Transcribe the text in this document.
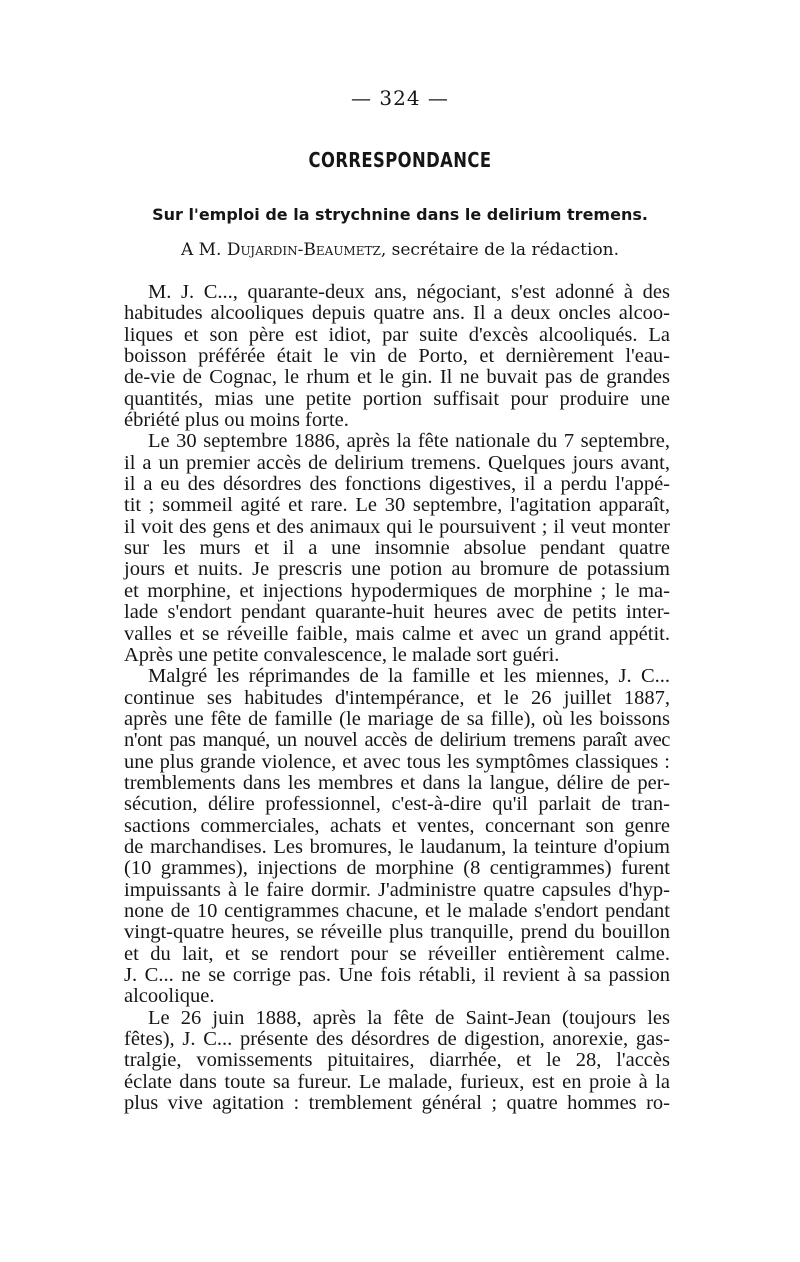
— 324 —
CORRESPONDANCE
Sur l'emploi de la strychnine dans le delirium tremens.
A M. Dujardin-Beaumetz, secrétaire de la rédaction.
M. J. C..., quarante-deux ans, négociant, s'est adonné à des
habitudes alcooliques depuis quatre ans. Il a deux oncles alcoo-
liques et son père est idiot, par suite d'excès alcooliqués. La
boisson préférée était le vin de Porto, et dernièrement l'eau-
de-vie de Cognac, le rhum et le gin. Il ne buvait pas de grandes
quantités, mias une petite portion suffisait pour produire une
ébriété plus ou moins forte.
Le 30 septembre 1886, après la fête nationale du 7 septembre,
il a un premier accès de delirium tremens. Quelques jours avant,
il a eu des désordres des fonctions digestives, il a perdu l'appé-
tit ; sommeil agité et rare. Le 30 septembre, l'agitation apparaît,
il voit des gens et des animaux qui le poursuivent ; il veut monter
sur les murs et il a une insomnie absolue pendant quatre
jours et nuits. Je prescris une potion au bromure de potassium
et morphine, et injections hypodermiques de morphine ; le ma-
lade s'endort pendant quarante-huit heures avec de petits inter-
valles et se réveille faible, mais calme et avec un grand appétit.
Après une petite convalescence, le malade sort guéri.
Malgré les réprimandes de la famille et les miennes, J. C...
continue ses habitudes d'intempérance, et le 26 juillet 1887,
après une fête de famille (le mariage de sa fille), où les boissons
n'ont pas manqué, un nouvel accès de delirium tremens paraît avec
une plus grande violence, et avec tous les symptômes classiques :
tremblements dans les membres et dans la langue, délire de per-
sécution, délire professionnel, c'est-à-dire qu'il parlait de tran-
sactions commerciales, achats et ventes, concernant son genre
de marchandises. Les bromures, le laudanum, la teinture d'opium
(10 grammes), injections de morphine (8 centigrammes) furent
impuissants à le faire dormir. J'administre quatre capsules d'hyp-
none de 10 centigrammes chacune, et le malade s'endort pendant
vingt-quatre heures, se réveille plus tranquille, prend du bouillon
et du lait, et se rendort pour se réveiller entièrement calme.
J. C... ne se corrige pas. Une fois rétabli, il revient à sa passion
alcoolique.
Le 26 juin 1888, après la fête de Saint-Jean (toujours les
fêtes), J. C... présente des désordres de digestion, anorexie, gas-
tralgie, vomissements pituitaires, diarrhée, et le 28, l'accès
éclate dans toute sa fureur. Le malade, furieux, est en proie à la
plus vive agitation : tremblement général ; quatre hommes ro-
